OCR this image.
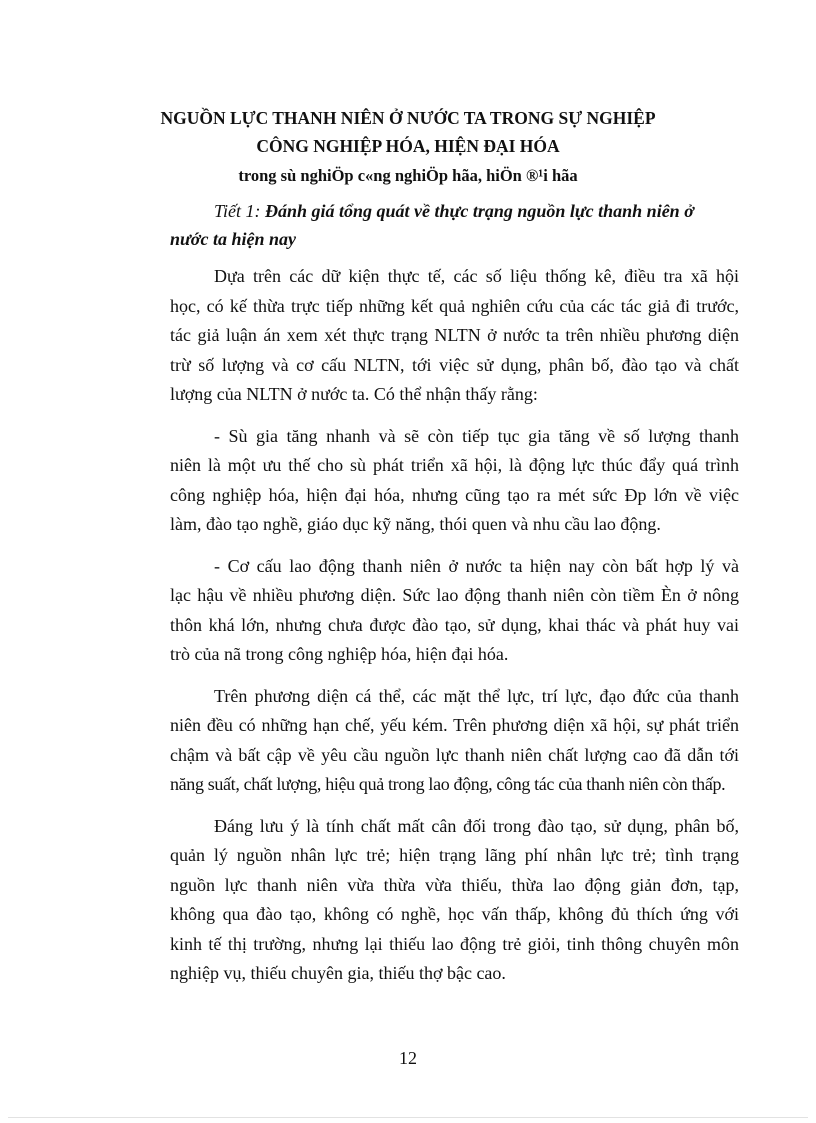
NGUỒN LỰC THANH NIÊN Ở NƯỚC TA TRONG SỰ NGHIỆP
CÔNG NGHIỆP HÓA, HIỆN ĐẠI HÓA
trong sù nghiÖp c«ng nghiÖp hãa, hiÖn ®¹i hãa
Tiết 1: Đánh giá tổng quát về thực trạng nguồn lực thanh niên ở
nước ta hiện nay
Dựa trên các dữ kiện thực tế, các số liệu thống kê, điều tra xã hội
học, có kế thừa trực tiếp những kết quả nghiên cứu của các tác giả đi trước,
tác giả luận án xem xét thực trạng NLTN ở nước ta trên nhiều phương diện
trừ số lượng và cơ cấu NLTN, tới việc sử dụng, phân bố, đào tạo và chất
lượng của NLTN ở nước ta. Có thể nhận thấy rằng:
- Sù gia tăng nhanh và sẽ còn tiếp tục gia tăng về số lượng thanh
niên là một ưu thế cho sù phát triển xã hội, là động lực thúc đẩy quá trình
công nghiệp hóa, hiện đại hóa, nhưng cũng tạo ra mét sức Ðp lớn về việc
làm, đào tạo nghề, giáo dục kỹ năng, thói quen và nhu cầu lao động.
- Cơ cấu lao động thanh niên ở nước ta hiện nay còn bất hợp lý và
lạc hậu về nhiều phương diện. Sức lao động thanh niên còn tiềm Èn ở nông
thôn khá lớn, nhưng chưa được đào tạo, sử dụng, khai thác và phát huy vai
trò của nã trong công nghiệp hóa, hiện đại hóa.
Trên phương diện cá thể, các mặt thể lực, trí lực, đạo đức của thanh
niên đều có những hạn chế, yếu kém. Trên phương diện xã hội, sự phát triển
chậm và bất cập về yêu cầu nguồn lực thanh niên chất lượng cao đã dẫn tới
năng suất, chất lượng, hiệu quả trong lao động, công tác của thanh niên còn thấp.
Đáng lưu ý là tính chất mất cân đối trong đào tạo, sử dụng, phân bố,
quản lý nguồn nhân lực trẻ; hiện trạng lãng phí nhân lực trẻ; tình trạng
nguồn lực thanh niên vừa thừa vừa thiếu, thừa lao động giản đơn, tạp,
không qua đào tạo, không có nghề, học vấn thấp, không đủ thích ứng với
kinh tế thị trường, nhưng lại thiếu lao động trẻ giỏi, tinh thông chuyên môn
nghiệp vụ, thiếu chuyên gia, thiếu thợ bậc cao.
12
